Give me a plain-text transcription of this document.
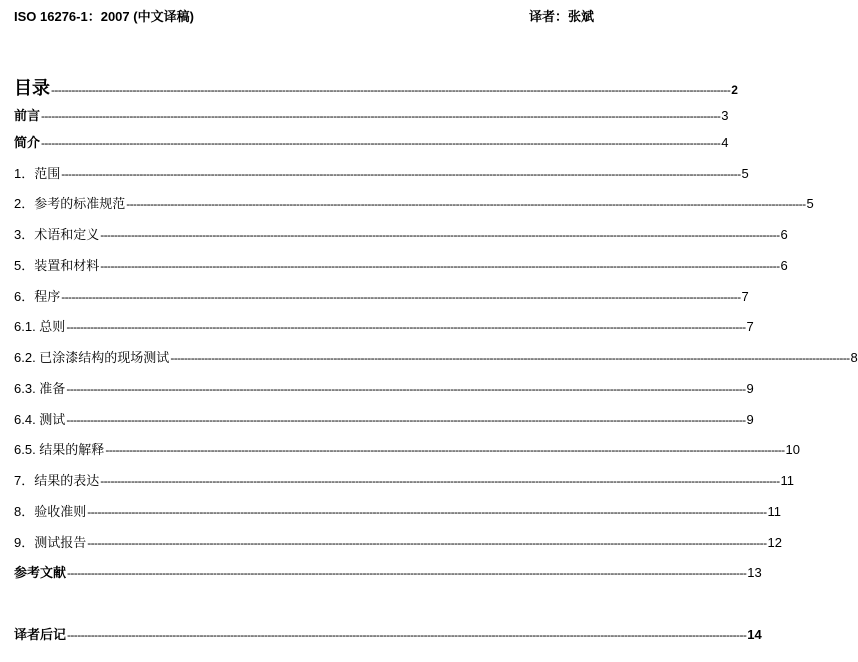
ISO 16276-1：2007 (中文译稿)	译者：张斌
目录 -------------------------------------------------------------------------------------------------------------------------------------------------------------------------------------------------------- 2
前言 -------------------------------------------------------------------------------------------------------------------------------------------------------------------------------------------------------- 3
简介 -------------------------------------------------------------------------------------------------------------------------------------------------------------------------------------------------------- 4
1．范围 -------------------------------------------------------------------------------------------------------------------------------------------------------------------------------------------------------- 5
2．参考的标准规范 -------------------------------------------------------------------------------------------------------------------------------------------------------------------------------------------------------- 5
3．术语和定义 -------------------------------------------------------------------------------------------------------------------------------------------------------------------------------------------------------- 6
5．装置和材料 -------------------------------------------------------------------------------------------------------------------------------------------------------------------------------------------------------- 6
6．程序 -------------------------------------------------------------------------------------------------------------------------------------------------------------------------------------------------------- 7
6.1. 总则 -------------------------------------------------------------------------------------------------------------------------------------------------------------------------------------------------------- 7
6.2. 已涂漆结构的现场测试 -------------------------------------------------------------------------------------------------------------------------------------------------------------------------------------------------------- 8
6.3. 准备 -------------------------------------------------------------------------------------------------------------------------------------------------------------------------------------------------------- 9
6.4. 测试 -------------------------------------------------------------------------------------------------------------------------------------------------------------------------------------------------------- 9
6.5. 结果的解释 -------------------------------------------------------------------------------------------------------------------------------------------------------------------------------------------------------- 10
7．结果的表达 -------------------------------------------------------------------------------------------------------------------------------------------------------------------------------------------------------- 11
8．验收准则 -------------------------------------------------------------------------------------------------------------------------------------------------------------------------------------------------------- 11
9．测试报告 -------------------------------------------------------------------------------------------------------------------------------------------------------------------------------------------------------- 12
参考文献 -------------------------------------------------------------------------------------------------------------------------------------------------------------------------------------------------------- 13
译者后记 -------------------------------------------------------------------------------------------------------------------------------------------------------------------------------------------------------- 14
